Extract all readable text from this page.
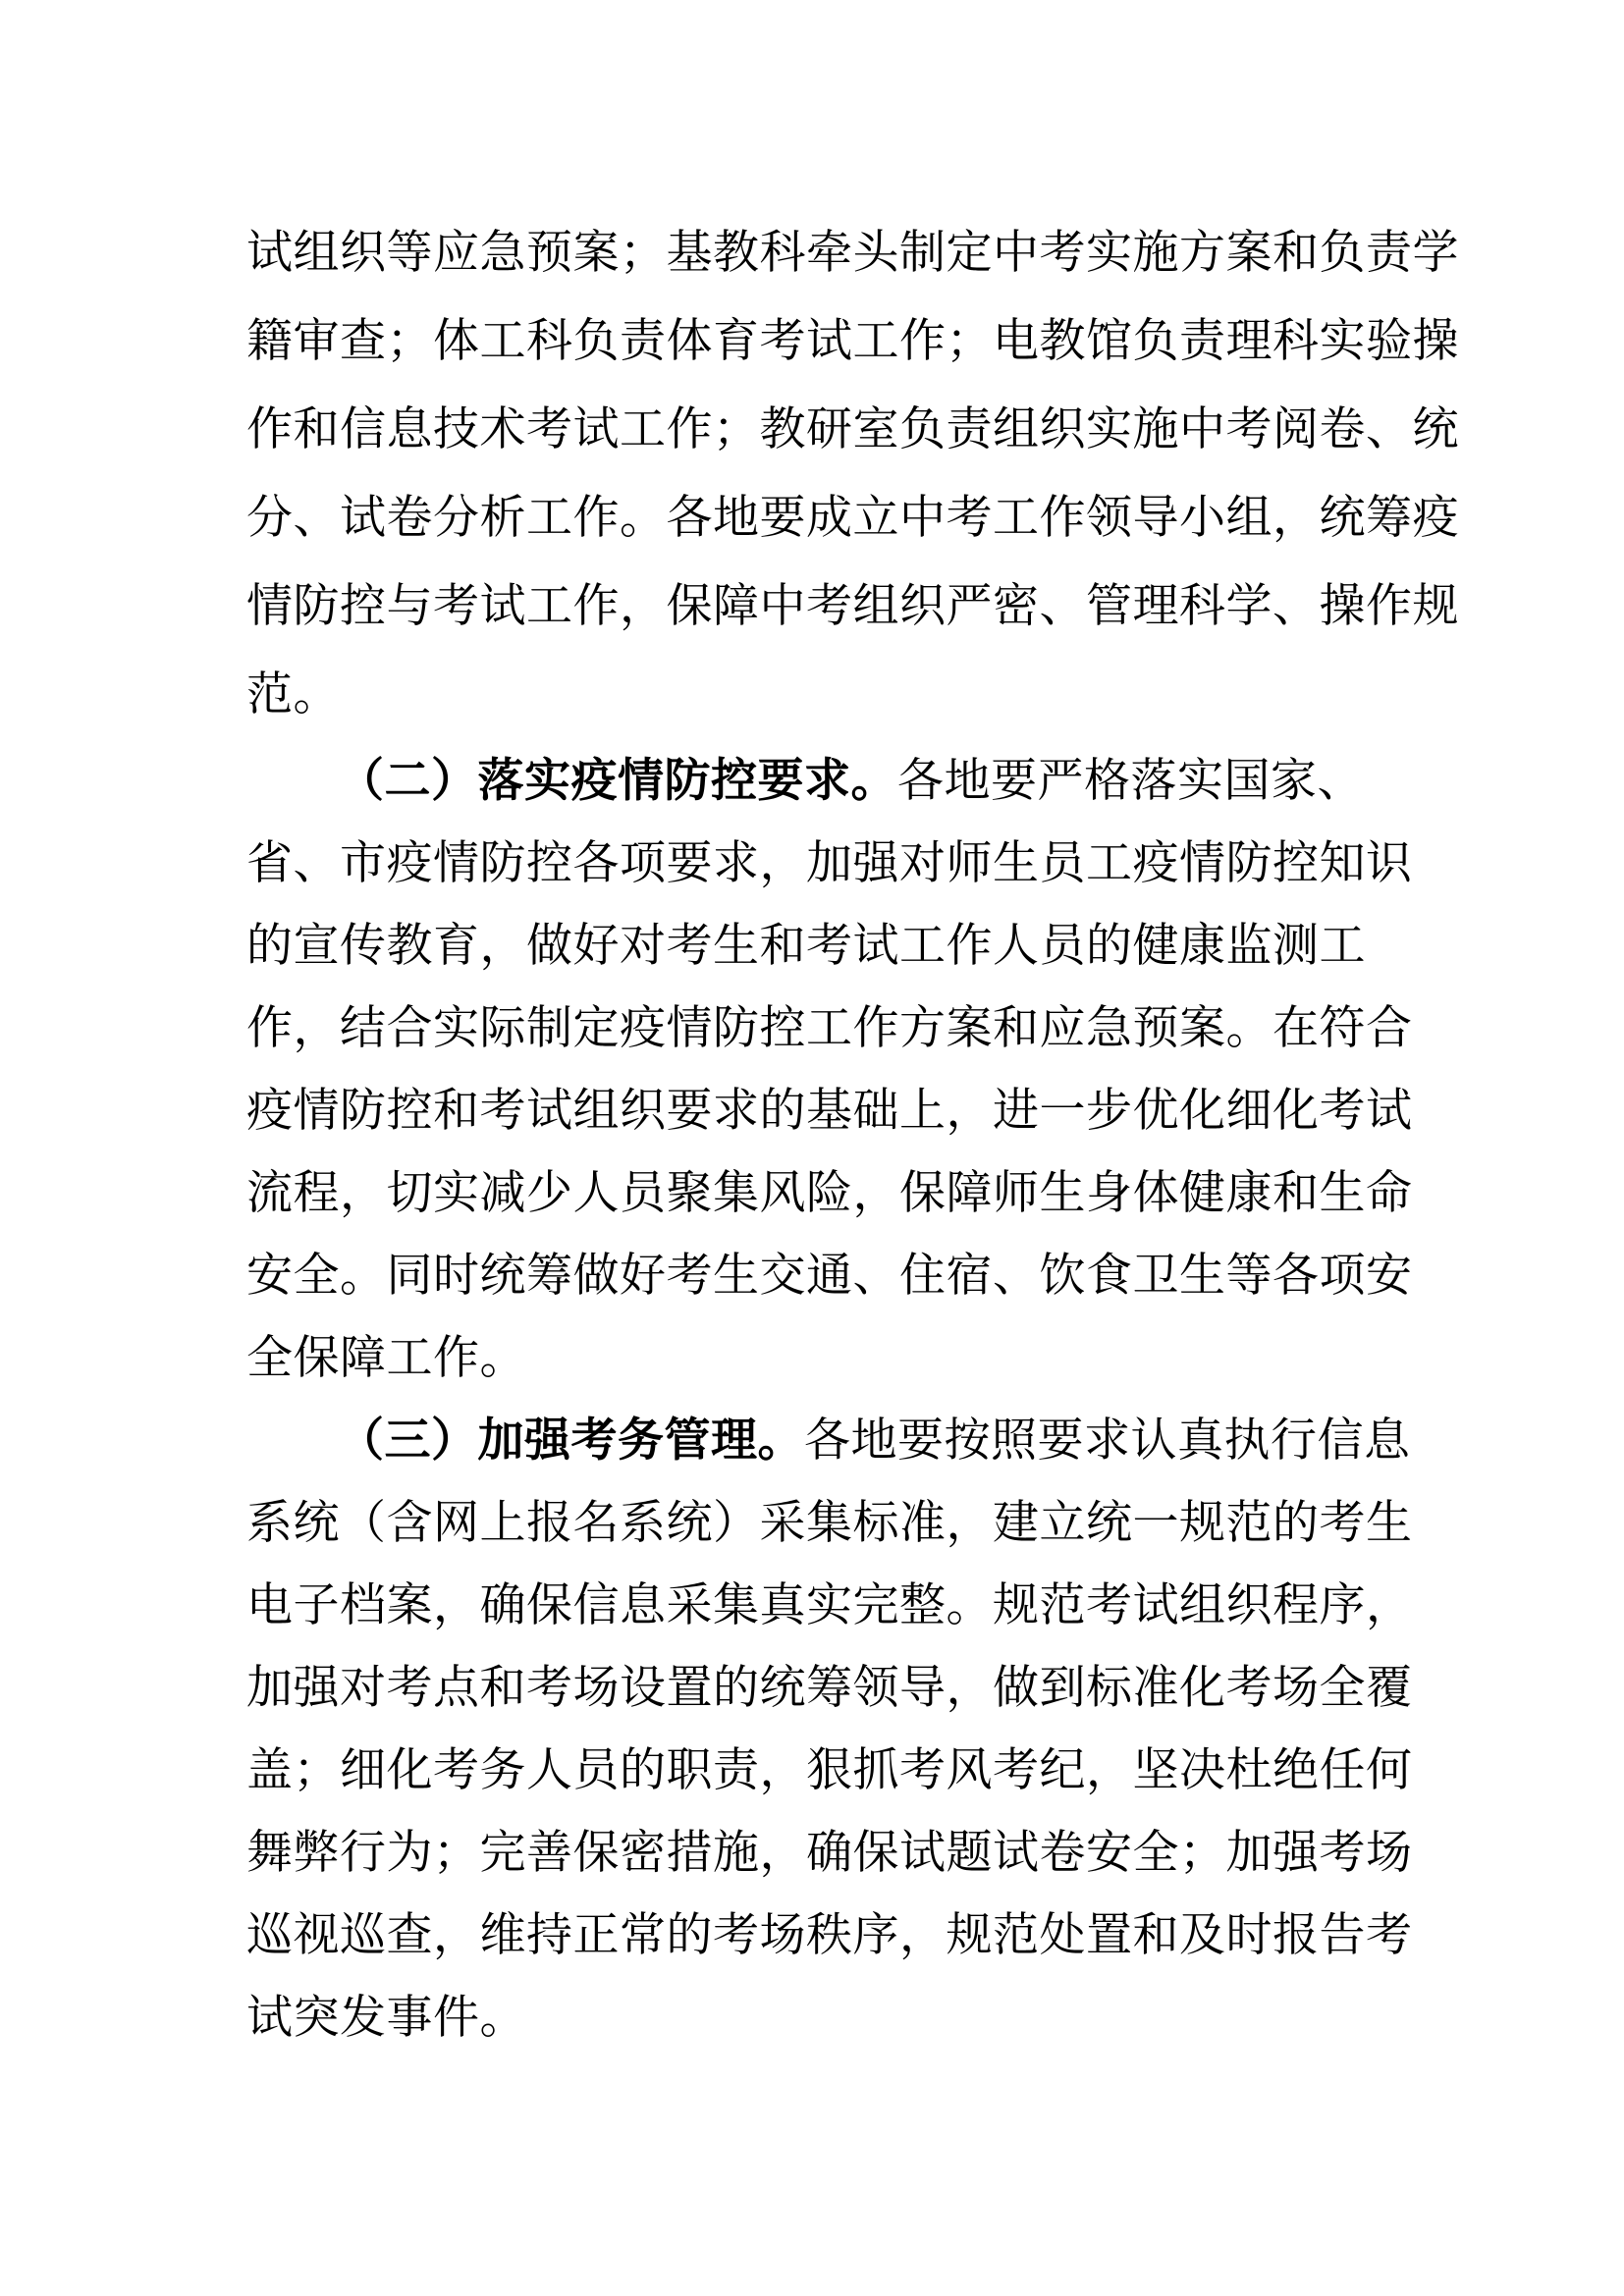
试组织等应急预案；基教科牵头制定中考实施方案和负责学

籍审查；体工科负责体育考试工作；电教馆负责理科实验操

作和信息技术考试工作；教研室负责组织实施中考阅卷、统

分、试卷分析工作。各地要成立中考工作领导小组，统筹疫

情防控与考试工作，保障中考组织严密、管理科学、操作规

范。

（二）落实疫情防控要求。各地要严格落实国家、

省、市疫情防控各项要求，加强对师生员工疫情防控知识

的宣传教育，做好对考生和考试工作人员的健康监测工

作，结合实际制定疫情防控工作方案和应急预案。在符合

疫情防控和考试组织要求的基础上，进一步优化细化考试

流程，切实减少人员聚集风险，保障师生身体健康和生命

安全。同时统筹做好考生交通、住宿、饮食卫生等各项安

全保障工作。

（三）加强考务管理。各地要按照要求认真执行信息

系统（含网上报名系统）采集标准，建立统一规范的考生

电子档案，确保信息采集真实完整。规范考试组织程序，

加强对考点和考场设置的统筹领导，做到标准化考场全覆

盖；细化考务人员的职责，狠抓考风考纪，坚决杜绝任何

舞弊行为；完善保密措施，确保试题试卷安全；加强考场

巡视巡查，维持正常的考场秩序，规范处置和及时报告考

试突发事件。
